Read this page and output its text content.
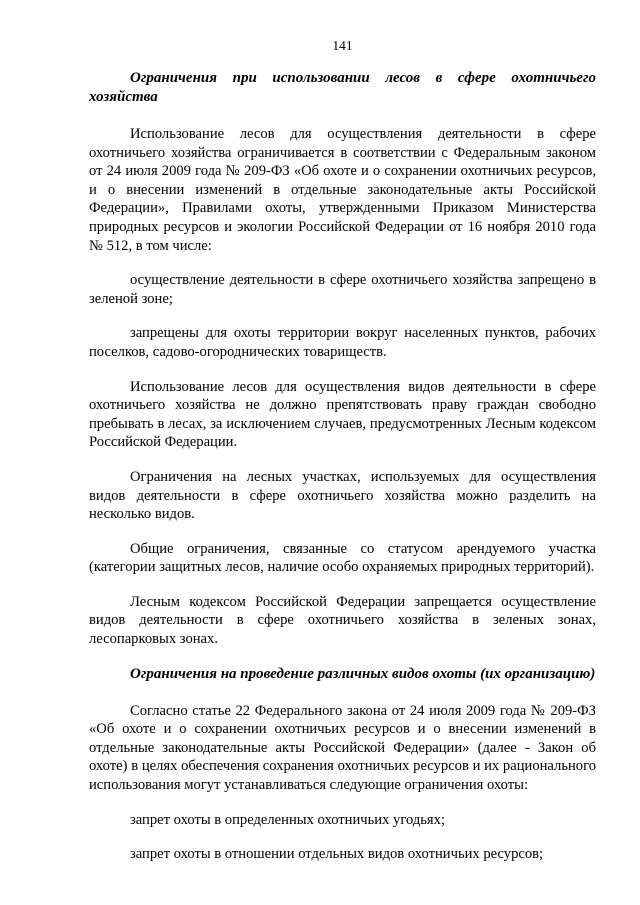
141
Ограничения при использовании лесов в сфере охотничьего хозяйства

Использование лесов для осуществления деятельности в сфере охотничьего хозяйства ограничивается в соответствии с Федеральным законом от 24 июля 2009 года № 209-ФЗ «Об охоте и о сохранении охотничьих ресурсов, и о внесении изменений в отдельные законодательные акты Российской Федерации», Правилами охоты, утвержденными Приказом Министерства природных ресурсов и экологии Российской Федерации от 16 ноября 2010 года № 512, в том числе:

осуществление деятельности в сфере охотничьего хозяйства запрещено в зеленой зоне;

запрещены для охоты территории вокруг населенных пунктов, рабочих поселков, садово-огороднических товариществ.

Использование лесов для осуществления видов деятельности в сфере охотничьего хозяйства не должно препятствовать праву граждан свободно пребывать в лесах, за исключением случаев, предусмотренных Лесным кодексом Российской Федерации.

Ограничения на лесных участках, используемых для осуществления видов деятельности в сфере охотничьего хозяйства можно разделить на несколько видов.

Общие ограничения, связанные со статусом арендуемого участка (категории защитных лесов, наличие особо охраняемых природных территорий).

Лесным кодексом Российской Федерации запрещается осуществление видов деятельности в сфере охотничьего хозяйства в зеленых зонах, лесопарковых зонах.

Ограничения на проведение различных видов охоты (их организацию)

Согласно статье 22 Федерального закона от 24 июля 2009 года № 209-ФЗ «Об охоте и о сохранении охотничьих ресурсов и о внесении изменений в отдельные законодательные акты Российской Федерации» (далее - Закон об охоте) в целях обеспечения сохранения охотничьих ресурсов и их рационального использования могут устанавливаться следующие ограничения охоты:

запрет охоты в определенных охотничьих угодьях;

запрет охоты в отношении отдельных видов охотничьих ресурсов;
